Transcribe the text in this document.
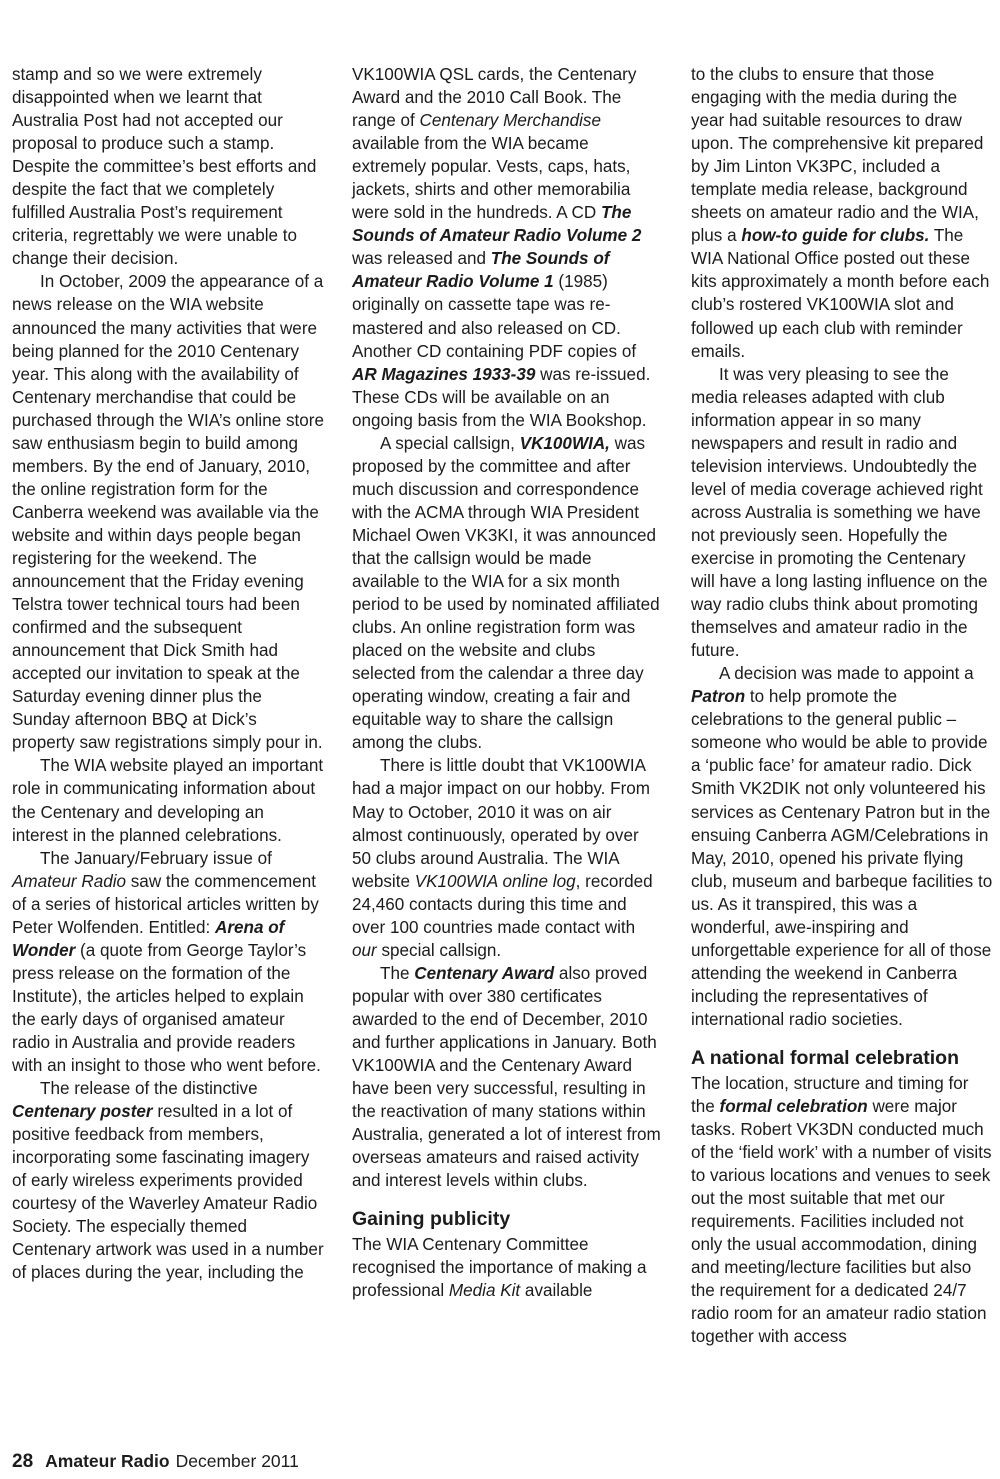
stamp and so we were extremely disappointed when we learnt that Australia Post had not accepted our proposal to produce such a stamp. Despite the committee’s best efforts and despite the fact that we completely fulfilled Australia Post’s requirement criteria, regrettably we were unable to change their decision.

In October, 2009 the appearance of a news release on the WIA website announced the many activities that were being planned for the 2010 Centenary year. This along with the availability of Centenary merchandise that could be purchased through the WIA’s online store saw enthusiasm begin to build among members. By the end of January, 2010, the online registration form for the Canberra weekend was available via the website and within days people began registering for the weekend. The announcement that the Friday evening Telstra tower technical tours had been confirmed and the subsequent announcement that Dick Smith had accepted our invitation to speak at the Saturday evening dinner plus the Sunday afternoon BBQ at Dick’s property saw registrations simply pour in.

The WIA website played an important role in communicating information about the Centenary and developing an interest in the planned celebrations.

The January/February issue of Amateur Radio saw the commencement of a series of historical articles written by Peter Wolfenden. Entitled: Arena of Wonder (a quote from George Taylor’s press release on the formation of the Institute), the articles helped to explain the early days of organised amateur radio in Australia and provide readers with an insight to those who went before.

The release of the distinctive Centenary poster resulted in a lot of positive feedback from members, incorporating some fascinating imagery of early wireless experiments provided courtesy of the Waverley Amateur Radio Society. The especially themed Centenary artwork was used in a number of places during the year, including the

VK100WIA QSL cards, the Centenary Award and the 2010 Call Book. The range of Centenary Merchandise available from the WIA became extremely popular. Vests, caps, hats, jackets, shirts and other memorabilia were sold in the hundreds. A CD The Sounds of Amateur Radio Volume 2 was released and The Sounds of Amateur Radio Volume 1 (1985) originally on cassette tape was re-mastered and also released on CD. Another CD containing PDF copies of AR Magazines 1933-39 was re-issued. These CDs will be available on an ongoing basis from the WIA Bookshop.

A special callsign, VK100WIA, was proposed by the committee and after much discussion and correspondence with the ACMA through WIA President Michael Owen VK3KI, it was announced that the callsign would be made available to the WIA for a six month period to be used by nominated affiliated clubs. An online registration form was placed on the website and clubs selected from the calendar a three day operating window, creating a fair and equitable way to share the callsign among the clubs.

There is little doubt that VK100WIA had a major impact on our hobby. From May to October, 2010 it was on air almost continuously, operated by over 50 clubs around Australia. The WIA website VK100WIA online log, recorded 24,460 contacts during this time and over 100 countries made contact with our special callsign.

The Centenary Award also proved popular with over 380 certificates awarded to the end of December, 2010 and further applications in January. Both VK100WIA and the Centenary Award have been very successful, resulting in the reactivation of many stations within Australia, generated a lot of interest from overseas amateurs and raised activity and interest levels within clubs.

Gaining publicity

The WIA Centenary Committee recognised the importance of making a professional Media Kit available

to the clubs to ensure that those engaging with the media during the year had suitable resources to draw upon. The comprehensive kit prepared by Jim Linton VK3PC, included a template media release, background sheets on amateur radio and the WIA, plus a how-to guide for clubs. The WIA National Office posted out these kits approximately a month before each club’s rostered VK100WIA slot and followed up each club with reminder emails.

It was very pleasing to see the media releases adapted with club information appear in so many newspapers and result in radio and television interviews. Undoubtedly the level of media coverage achieved right across Australia is something we have not previously seen. Hopefully the exercise in promoting the Centenary will have a long lasting influence on the way radio clubs think about promoting themselves and amateur radio in the future.

A decision was made to appoint a Patron to help promote the celebrations to the general public – someone who would be able to provide a ‘public face’ for amateur radio. Dick Smith VK2DIK not only volunteered his services as Centenary Patron but in the ensuing Canberra AGM/Celebrations in May, 2010, opened his private flying club, museum and barbeque facilities to us. As it transpired, this was a wonderful, awe-inspiring and unforgettable experience for all of those attending the weekend in Canberra including the representatives of international radio societies.

A national formal celebration

The location, structure and timing for the formal celebration were major tasks. Robert VK3DN conducted much of the ‘field work’ with a number of visits to various locations and venues to seek out the most suitable that met our requirements. Facilities included not only the usual accommodation, dining and meeting/lecture facilities but also the requirement for a dedicated 24/7 radio room for an amateur radio station together with access

28 Amateur Radio December 2011
